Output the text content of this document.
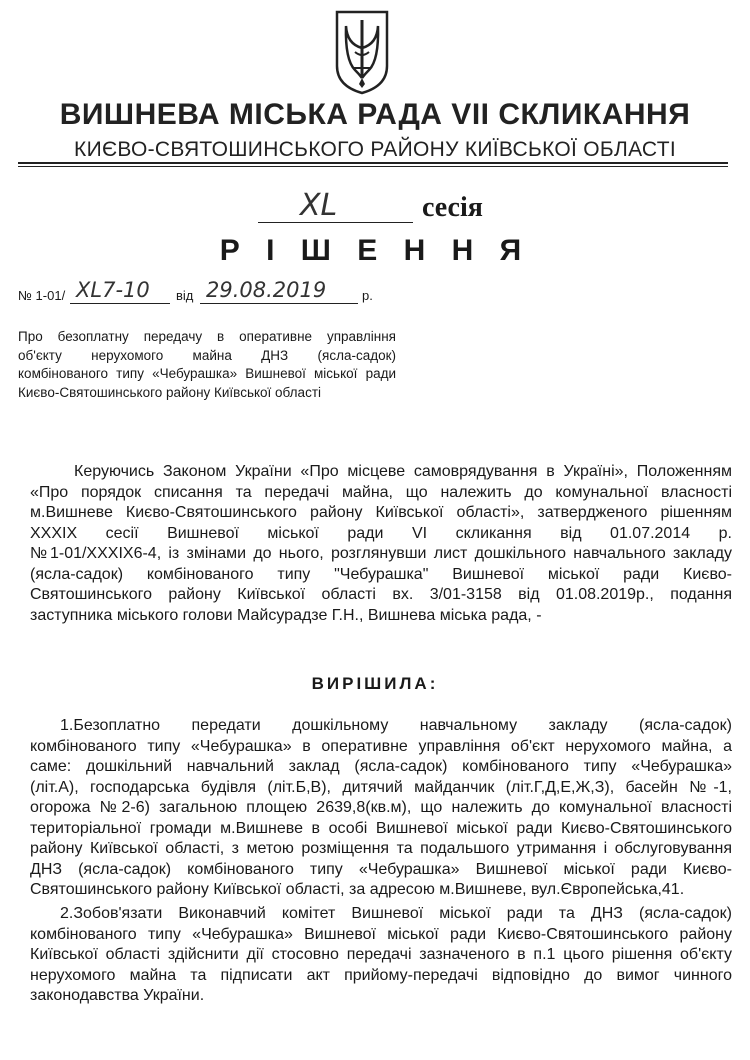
ВИШНЕВА МІСЬКА РАДА VІІ СКЛИКАННЯ
КИЄВО-СВЯТОШИНСЬКОГО РАЙОНУ КИЇВСЬКОЇ ОБЛАСТІ
XL	сесія
Р І Ш Е Н Н Я
№ 1-01/ XL7-10 від 29.08.2019	р.
Про безоплатну передачу в оперативне управління
об'єкту нерухомого майна ДНЗ (ясла-садок)
комбінованого типу «Чебурашка» Вишневої міської ради
Києво-Святошинського району Київської області
Керуючись Законом України «Про місцеве самоврядування в Україні», Положенням
«Про порядок списання та передачі майна, що належить до комунальної власності
м.Вишневе Києво-Святошинського району Київської області», затвердженого рішенням
ХХХІХ сесії Вишневої міської ради VI скликання від 01.07.2014 р.
№1-01/ХХХІХ6-4, із змінами до нього, розглянувши лист дошкільного навчального закладу
(ясла-садок) комбінованого типу "Чебурашка" Вишневої міської ради Києво-
Святошинського району Київської області вх. 3/01-3158 від 01.08.2019р., подання
заступника міського голови Майсурадзе Г.Н., Вишнева міська рада, -
ВИРІШИЛА:
1.Безоплатно передати дошкільному навчальному закладу (ясла-садок)
комбінованого типу «Чебурашка» в оперативне управління об'єкт нерухомого майна, а
саме: дошкільний навчальний заклад (ясла-садок) комбінованого типу «Чебурашка»
(літ.А), господарська будівля (літ.Б,В), дитячий майданчик (літ.Г,Д,Е,Ж,З), басейн №-1,
огорожа №2-6) загальною площею 2639,8(кв.м), що належить до комунальної власності
територіальної громади м.Вишневе в особі Вишневої міської ради Києво-Святошинського
району Київської області, з метою розміщення та подальшого утримання і обслуговування
ДНЗ (ясла-садок) комбінованого типу «Чебурашка» Вишневої міської ради Києво-
Святошинського району Київської області, за адресою м.Вишневе, вул.Європейська,41.
2.Зобов'язати Виконавчий комітет Вишневої міської ради та ДНЗ (ясла-садок)
комбінованого типу «Чебурашка» Вишневої міської ради Києво-Святошинського району
Київської області здійснити дії стосовно передачі зазначеного в п.1 цього рішення об'єкту
нерухомого майна та підписати акт прийому-передачі відповідно до вимог чинного
законодавства України.
